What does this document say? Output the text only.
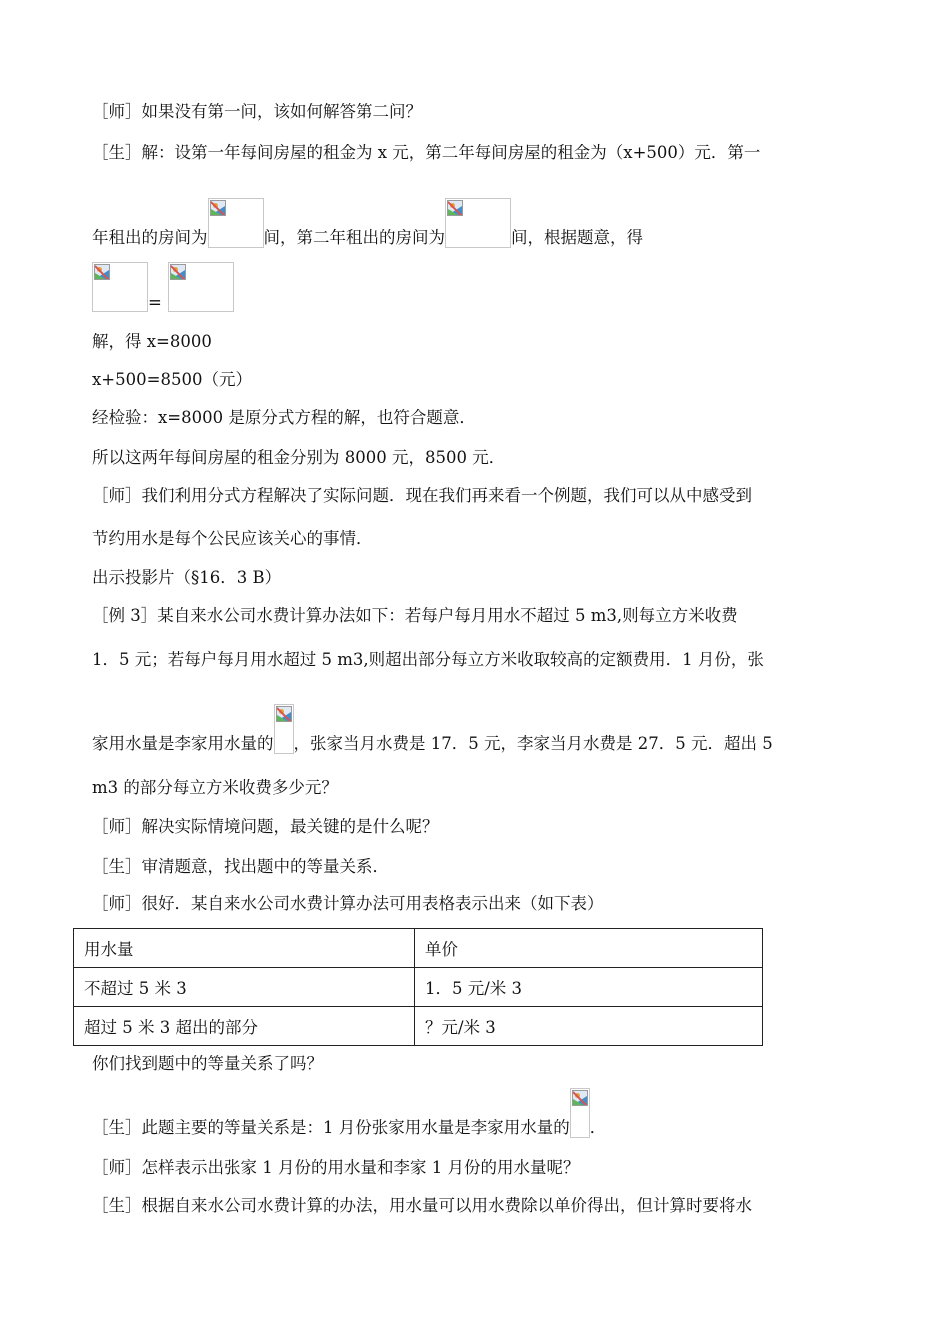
［师］如果没有第一问，该如何解答第二问？
［生］解：设第一年每间房屋的租金为 x 元，第二年每间房屋的租金为（x+500）元．第一
年租出的房间为	间，第二年租出的房间为	间，根据题意，得
=
解，得 x=8000
x+500=8500（元）
经检验：x=8000 是原分式方程的解，也符合题意．
所以这两年每间房屋的租金分别为 8000 元，8500 元．
［师］我们利用分式方程解决了实际问题．现在我们再来看一个例题，我们可以从中感受到
节约用水是每个公民应该关心的事情．
出示投影片（§16．3 B）
［例 3］某自来水公司水费计算办法如下：若每户每月用水不超过 5 m3,则每立方米收费
1．5 元；若每户每月用水超过 5 m3,则超出部分每立方米收取较高的定额费用．1 月份，张
家用水量是李家用水量的 ，张家当月水费是 17．5 元，李家当月水费是 27．5 元．超出 5
m3 的部分每立方米收费多少元？
［师］解决实际情境问题，最关键的是什么呢？
［生］审清题意，找出题中的等量关系．
［师］很好．某自来水公司水费计算办法可用表格表示出来（如下表）
用水量	单价
不超过 5 米 3	1．5 元/米 3
超过 5 米 3 超出的部分	？元/米 3
你们找到题中的等量关系了吗？
［生］此题主要的等量关系是：1 月份张家用水量是李家用水量的 ．
［师］怎样表示出张家 1 月份的用水量和李家 1 月份的用水量呢？
［生］根据自来水公司水费计算的办法，用水量可以用水费除以单价得出，但计算时要将水
